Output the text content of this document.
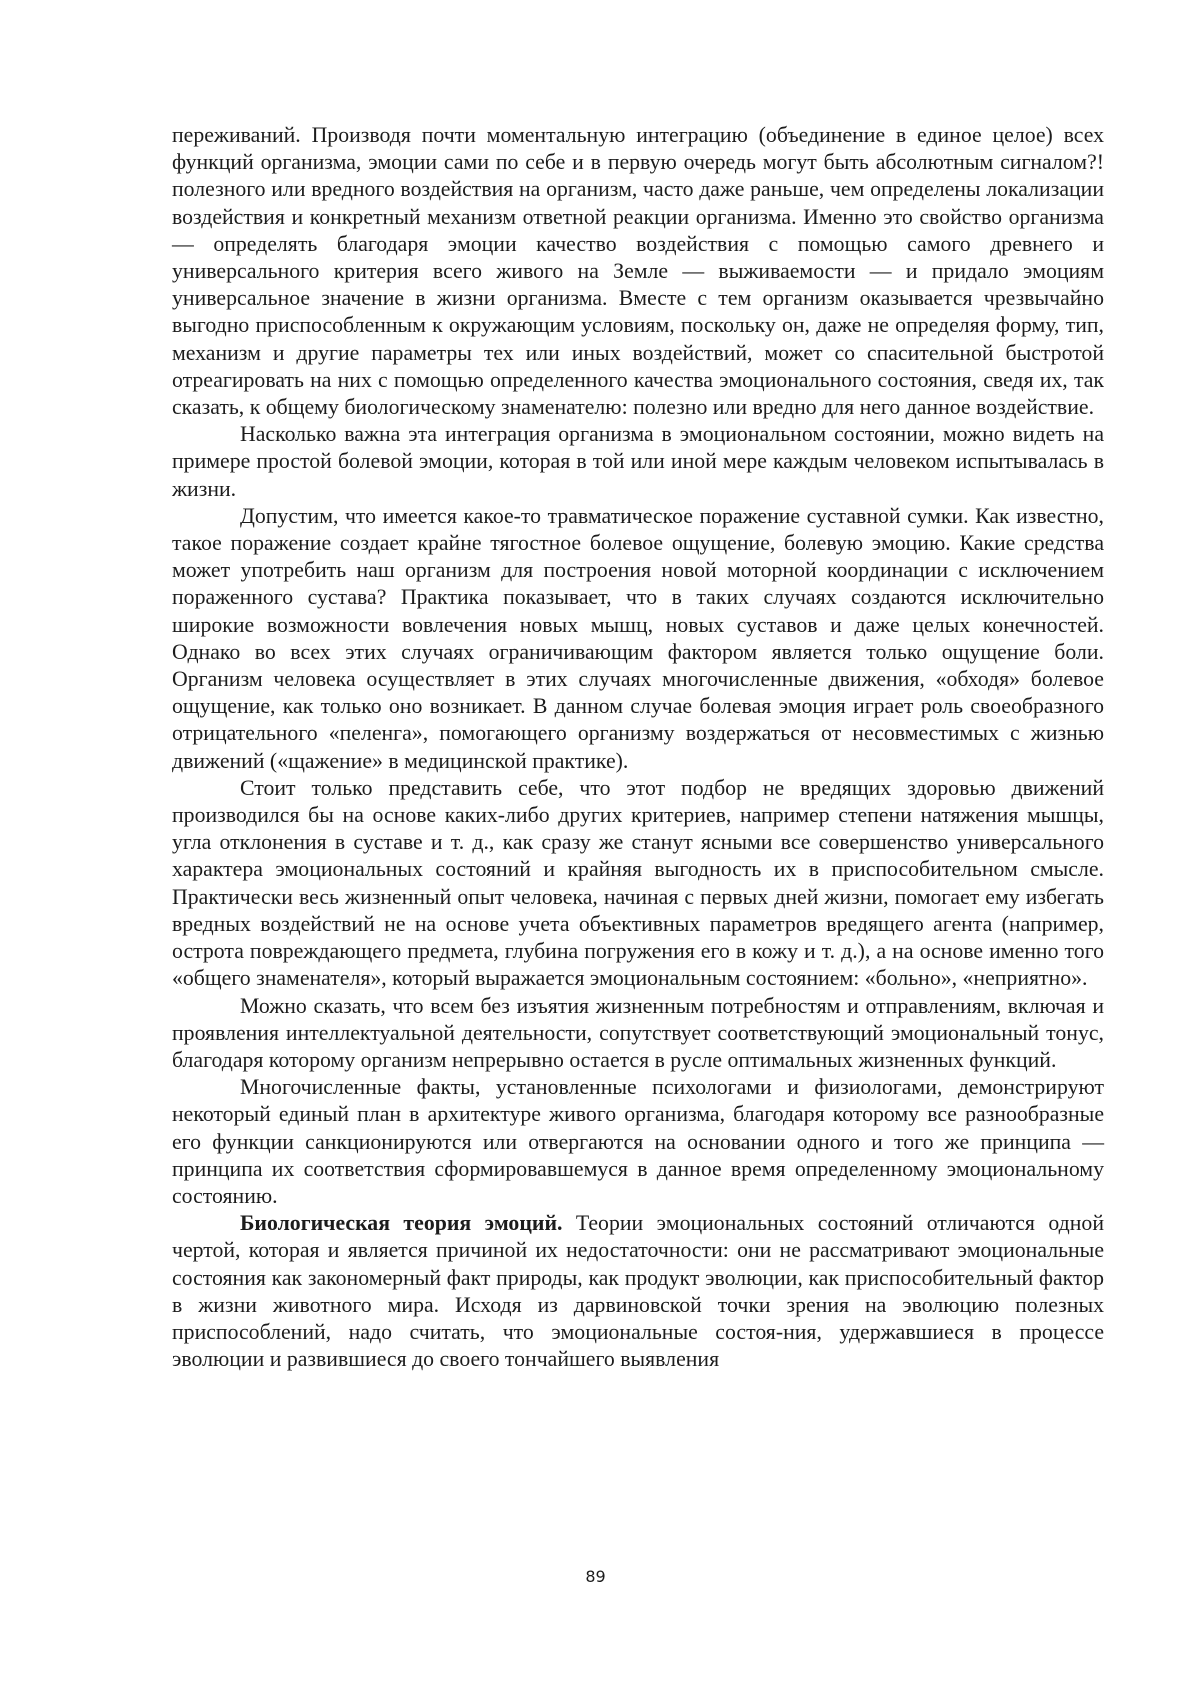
переживаний. Производя почти моментальную интеграцию (объединение в единое целое) всех функций организма, эмоции сами по себе и в первую очередь могут быть абсолютным сигналом?! полезного или вредного воздействия на организм, часто даже раньше, чем определены локализации воздействия и конкретный механизм ответной реакции организма. Именно это свойство организма — определять благодаря эмоции качество воздействия с помощью самого древнего и универсального критерия всего живого на Земле — выживаемости — и придало эмоциям универсальное значение в жизни организма. Вместе с тем организм оказывается чрезвычайно выгодно приспособленным к окружающим условиям, поскольку он, даже не определяя форму, тип, механизм и другие параметры тех или иных воздействий, может со спасительной быстротой отреагировать на них с помощью определенного качества эмоционального состояния, сведя их, так сказать, к общему биологическому знаменателю: полезно или вредно для него данное воздействие.

Насколько важна эта интеграция организма в эмоциональном состоянии, можно видеть на примере простой болевой эмоции, которая в той или иной мере каждым человеком испытывалась в жизни.

Допустим, что имеется какое-то травматическое поражение суставной сумки. Как известно, такое поражение создает крайне тягостное болевое ощущение, болевую эмоцию. Какие средства может употребить наш организм для построения новой моторной координации с исключением пораженного сустава? Практика показывает, что в таких случаях создаются исключительно широкие возможности вовлечения новых мышц, новых суставов и даже целых конечностей. Однако во всех этих случаях ограничивающим фактором является только ощущение боли. Организм человека осуществляет в этих случаях многочисленные движения, «обходя» болевое ощущение, как только оно возникает. В данном случае болевая эмоция играет роль своеобразного отрицательного «пеленга», помогающего организму воздержаться от несовместимых с жизнью движений («щажение» в медицинской практике).

Стоит только представить себе, что этот подбор не вредящих здоровью движений производился бы на основе каких-либо других критериев, например степени натяжения мышцы, угла отклонения в суставе и т. д., как сразу же станут ясными все совершенство универсального характера эмоциональных состояний и крайняя выгодность их в приспособительном смысле. Практически весь жизненный опыт человека, начиная с первых дней жизни, помогает ему избегать вредных воздействий не на основе учета объективных параметров вредящего агента (например, острота повреждающего предмета, глубина погружения его в кожу и т. д.), а на основе именно того «общего знаменателя», который выражается эмоциональным состоянием: «больно», «неприятно».

Можно сказать, что всем без изъятия жизненным потребностям и отправлениям, включая и проявления интеллектуальной деятельности, сопутствует соответствующий эмоциональный тонус, благодаря которому организм непрерывно остается в русле оптимальных жизненных функций.

Многочисленные факты, установленные психологами и физиологами, демонстрируют некоторый единый план в архитектуре живого организма, благодаря которому все разнообразные его функции санкционируются или отвергаются на основании одного и того же принципа — принципа их соответствия сформировавшемуся в данное время определенному эмоциональному состоянию.

Биологическая теория эмоций. Теории эмоциональных состояний отличаются одной чертой, которая и является причиной их недостаточности: они не рассматривают эмоциональные состояния как закономерный факт природы, как продукт эволюции, как приспособительный фактор в жизни животного мира. Исходя из дарвиновской точки зрения на эволюцию полезных приспособлений, надо считать, что эмоциональные состоя-ния, удержавшиеся в процессе эволюции и развившиеся до своего тончайшего выявления

89
